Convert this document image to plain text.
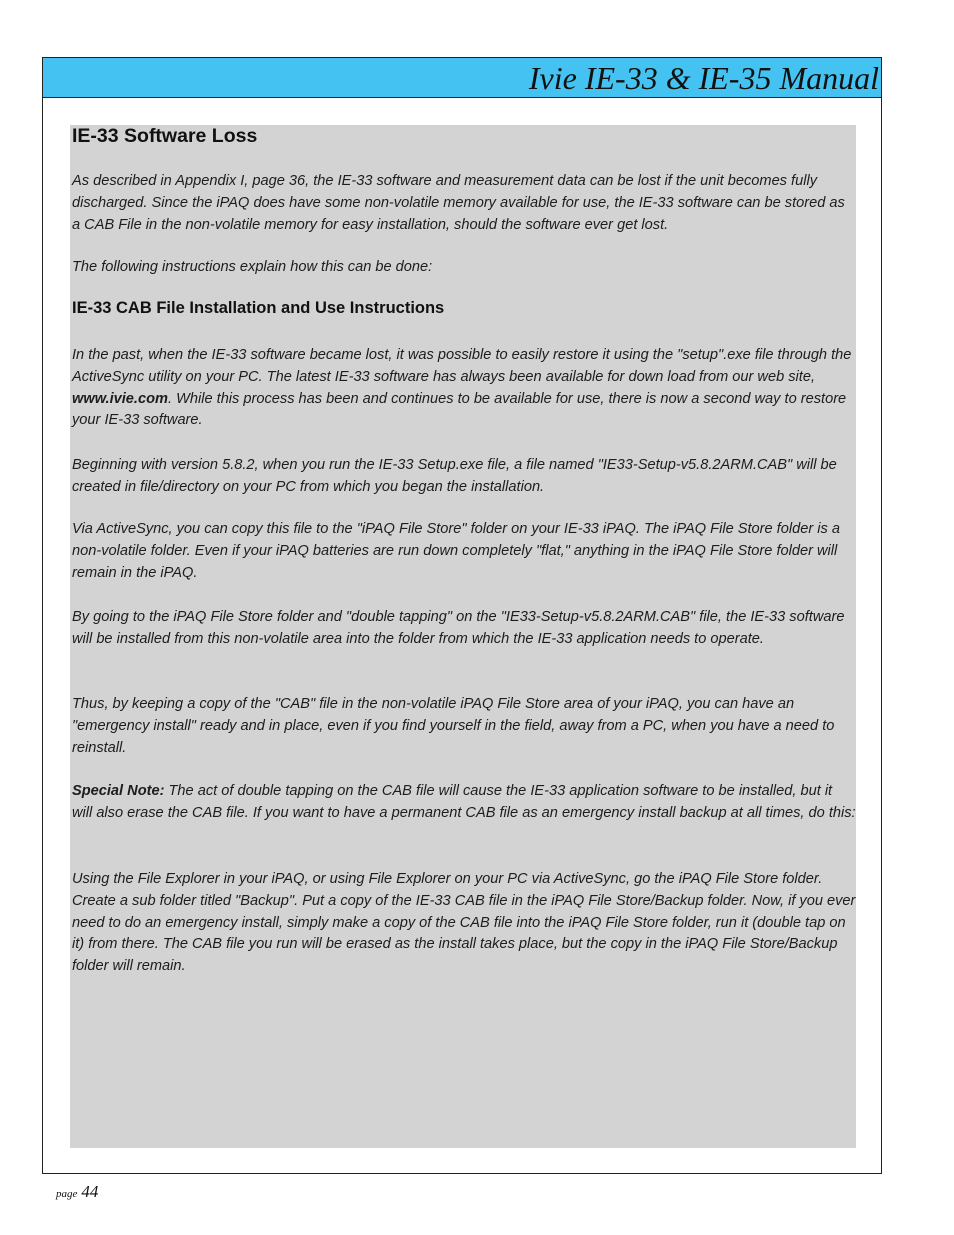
Ivie IE-33 & IE-35 Manual
IE-33 Software Loss

As described in Appendix I, page 36, the IE-33 software and measurement data can be lost if the unit becomes fully discharged. Since the iPAQ does have some non-volatile memory available for use, the IE-33 software can be stored as a CAB File in the non-volatile memory for easy installation, should the software ever get lost.

The following instructions explain how this can be done:

IE-33 CAB File Installation and Use Instructions

In the past, when the IE-33 software became lost, it was possible to easily restore it using the "setup".exe file through the ActiveSync utility on your PC. The latest IE-33 software has always been available for down load from our web site, www.ivie.com. While this process has been and continues to be available for use, there is now a second way to restore your IE-33 software.

Beginning with version 5.8.2, when you run the IE-33 Setup.exe file, a file named "IE33-Setup-v5.8.2ARM.CAB" will be created in file/directory on your PC from which you began the installation.

Via ActiveSync, you can copy this file to the "iPAQ File Store" folder on your IE-33 iPAQ. The iPAQ File Store folder is a non-volatile folder. Even if your iPAQ batteries are run down completely "flat," anything in the iPAQ File Store folder will remain in the iPAQ.

By going to the iPAQ File Store folder and "double tapping" on the "IE33-Setup-v5.8.2ARM.CAB" file, the IE-33 software will be installed from this non-volatile area into the folder from which the IE-33 application needs to operate.

Thus, by keeping a copy of the "CAB" file in the non-volatile iPAQ File Store area of your iPAQ, you can have an "emergency install" ready and in place, even if you find yourself in the field, away from a PC, when you have a need to reinstall.

Special Note: The act of double tapping on the CAB file will cause the IE-33 application software to be installed, but it will also erase the CAB file. If you want to have a permanent CAB file as an emergency install backup at all times, do this:

Using the File Explorer in your iPAQ, or using File Explorer on your PC via ActiveSync, go the iPAQ File Store folder. Create a sub folder titled "Backup". Put a copy of the IE-33 CAB file in the iPAQ File Store/Backup folder. Now, if you ever need to do an emergency install, simply make a copy of the CAB file into the iPAQ File Store folder, run it (double tap on it) from there. The CAB file you run will be erased as the install takes place, but the copy in the iPAQ File Store/Backup folder will remain.

page 44
